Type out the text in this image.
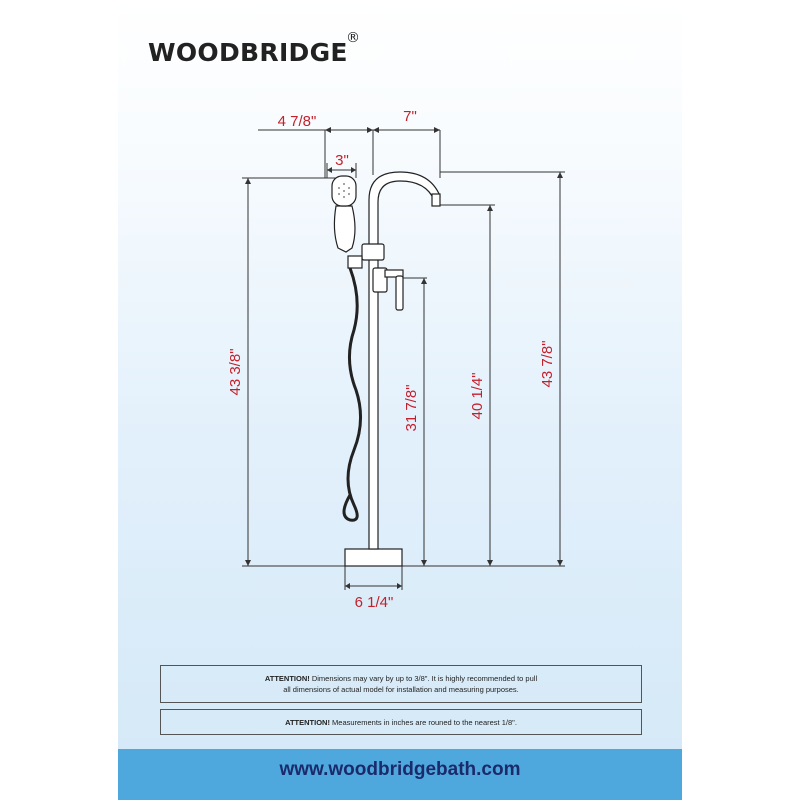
WOODBRIDGE
®
4 7/8"	7"
3"
43 3/8"
31 7/8"	40 1/4"
43 7/8"
6 1/4"
ATTENTION! Dimensions may vary by up to 3/8". It is highly recommended to pull
all dimensions of actual model for installation and measuring purposes.
ATTENTION! Measurements in inches are rouned to the nearest 1/8".
www.woodbridgebath.com
